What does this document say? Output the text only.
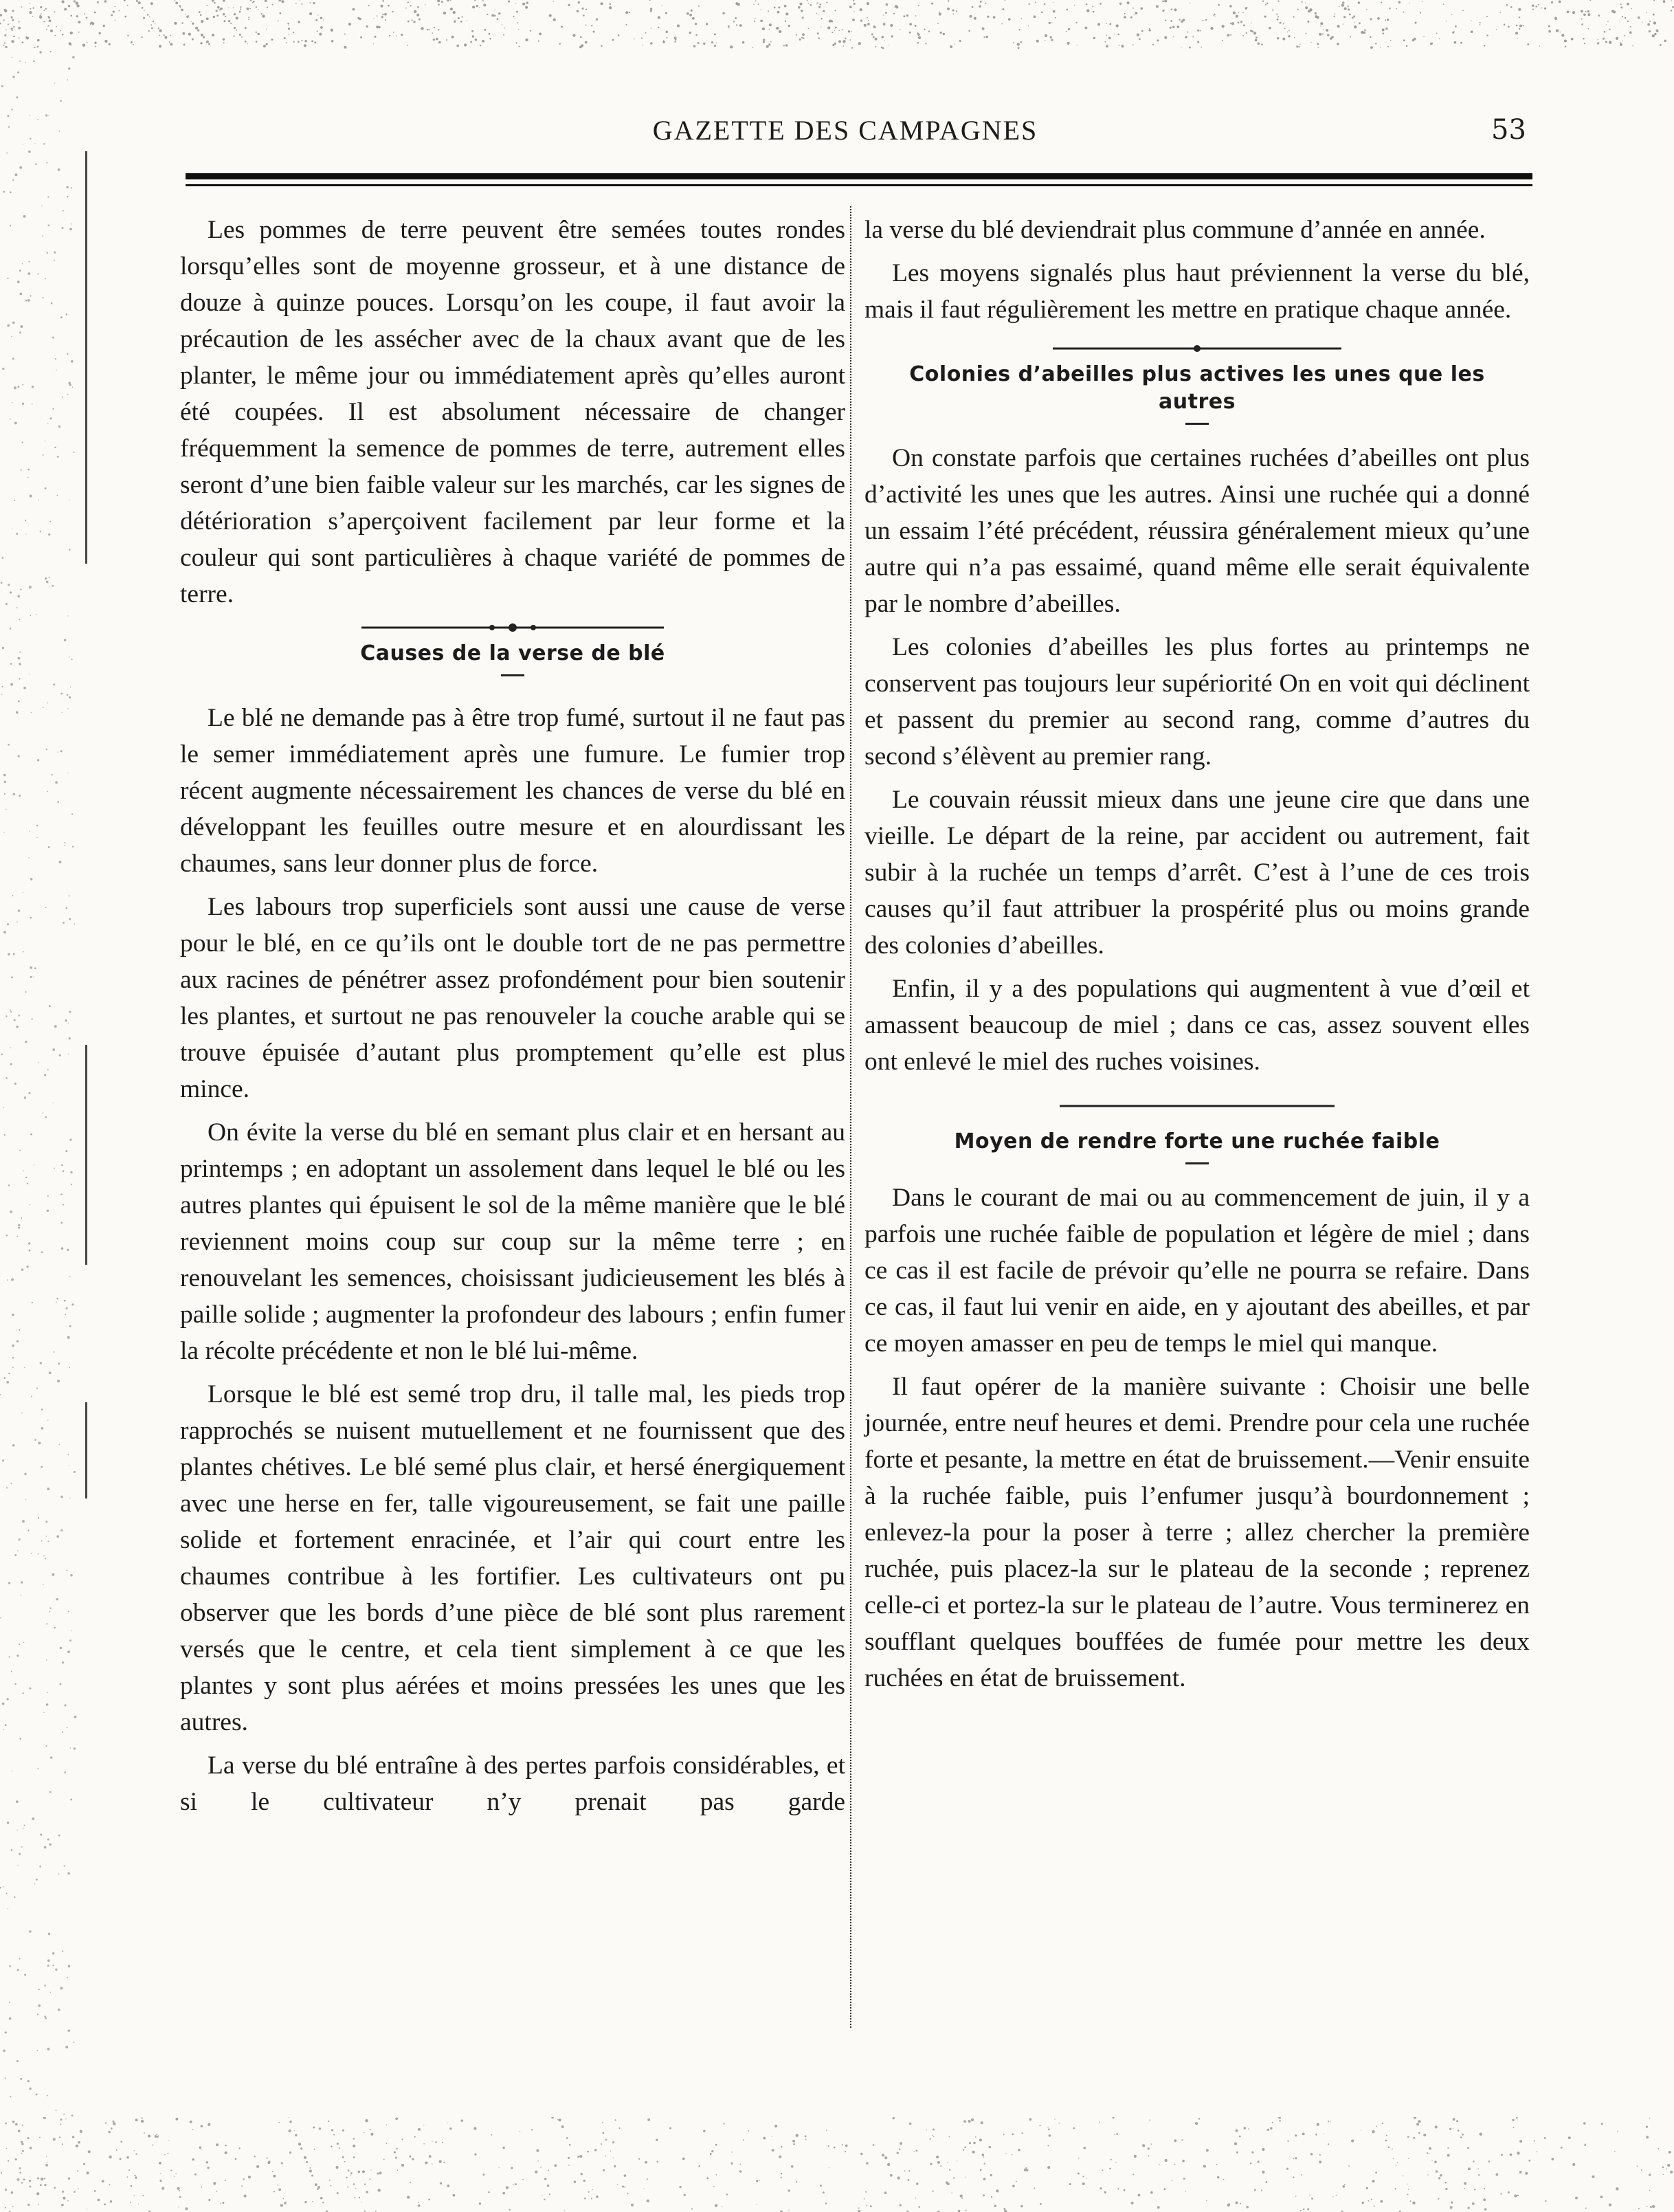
GAZETTE DES CAMPAGNES	53

Les pommes de terre peuvent être semées toutes rondes lorsqu’elles sont de moyenne grosseur, et à une distance de douze à quinze pouces. Lorsqu’on les coupe, il faut avoir la précaution de les assécher avec de la chaux avant que de les planter, le même jour ou immédiatement après qu’elles auront été coupées. Il est absolument nécessaire de changer fréquemment la semence de pommes de terre, autrement elles seront d’une bien faible valeur sur les marchés, car les signes de détérioration s’aperçoivent facilement par leur forme et la couleur qui sont particulières à chaque variété de pommes de terre.

Causes de la verse de blé

Le blé ne demande pas à être trop fumé, surtout il ne faut pas le semer immédiatement après une fumure. Le fumier trop récent augmente nécessairement les chances de verse du blé en développant les feuilles outre mesure et en alourdissant les chaumes, sans leur donner plus de force.

Les labours trop superficiels sont aussi une cause de verse pour le blé, en ce qu’ils ont le double tort de ne pas permettre aux racines de pénétrer assez profondément pour bien soutenir les plantes, et surtout ne pas renouveler la couche arable qui se trouve épuisée d’autant plus promptement qu’elle est plus mince.

On évite la verse du blé en semant plus clair et en hersant au printemps ; en adoptant un assolement dans lequel le blé ou les autres plantes qui épuisent le sol de la même manière que le blé reviennent moins coup sur coup sur la même terre ; en renouvelant les semences, choisissant judicieusement les blés à paille solide ; augmenter la profondeur des labours ; enfin fumer la récolte précédente et non le blé lui-même.

Lorsque le blé est semé trop dru, il talle mal, les pieds trop rapprochés se nuisent mutuellement et ne fournissent que des plantes chétives. Le blé semé plus clair, et hersé énergiquement avec une herse en fer, talle vigoureusement, se fait une paille solide et fortement enracinée, et l’air qui court entre les chaumes contribue à les fortifier. Les cultivateurs ont pu observer que les bords d’une pièce de blé sont plus rarement versés que le centre, et cela tient simplement à ce que les plantes y sont plus aérées et moins pressées les unes que les autres.

La verse du blé entraîne à des pertes parfois considérables, et si le cultivateur n’y prenait pas garde

la verse du blé deviendrait plus commune d’année en année.

Les moyens signalés plus haut préviennent la verse du blé, mais il faut régulièrement les mettre en pratique chaque année.

Colonies d’abeilles plus actives les unes que les autres

On constate parfois que certaines ruchées d’abeilles ont plus d’activité les unes que les autres. Ainsi une ruchée qui a donné un essaim l’été précédent, réussira généralement mieux qu’une autre qui n’a pas essaimé, quand même elle serait équivalente par le nombre d’abeilles.

Les colonies d’abeilles les plus fortes au printemps ne conservent pas toujours leur supériorité On en voit qui déclinent et passent du premier au second rang, comme d’autres du second s’élèvent au premier rang.

Le couvain réussit mieux dans une jeune cire que dans une vieille. Le départ de la reine, par accident ou autrement, fait subir à la ruchée un temps d’arrêt. C’est à l’une de ces trois causes qu’il faut attribuer la prospérité plus ou moins grande des colonies d’abeilles.

Enfin, il y a des populations qui augmentent à vue d’œil et amassent beaucoup de miel ; dans ce cas, assez souvent elles ont enlevé le miel des ruches voisines.

Moyen de rendre forte une ruchée faible

Dans le courant de mai ou au commencement de juin, il y a parfois une ruchée faible de population et légère de miel ; dans ce cas il est facile de prévoir qu’elle ne pourra se refaire. Dans ce cas, il faut lui venir en aide, en y ajoutant des abeilles, et par ce moyen amasser en peu de temps le miel qui manque.

Il faut opérer de la manière suivante : Choisir une belle journée, entre neuf heures et demi. Prendre pour cela une ruchée forte et pesante, la mettre en état de bruissement.—Venir ensuite à la ruchée faible, puis l’enfumer jusqu’à bourdonnement ; enlevez-la pour la poser à terre ; allez chercher la première ruchée, puis placez-la sur le plateau de la seconde ; reprenez celle-ci et portez-la sur le plateau de l’autre. Vous terminerez en soufflant quelques bouffées de fumée pour mettre les deux ruchées en état de bruissement.
